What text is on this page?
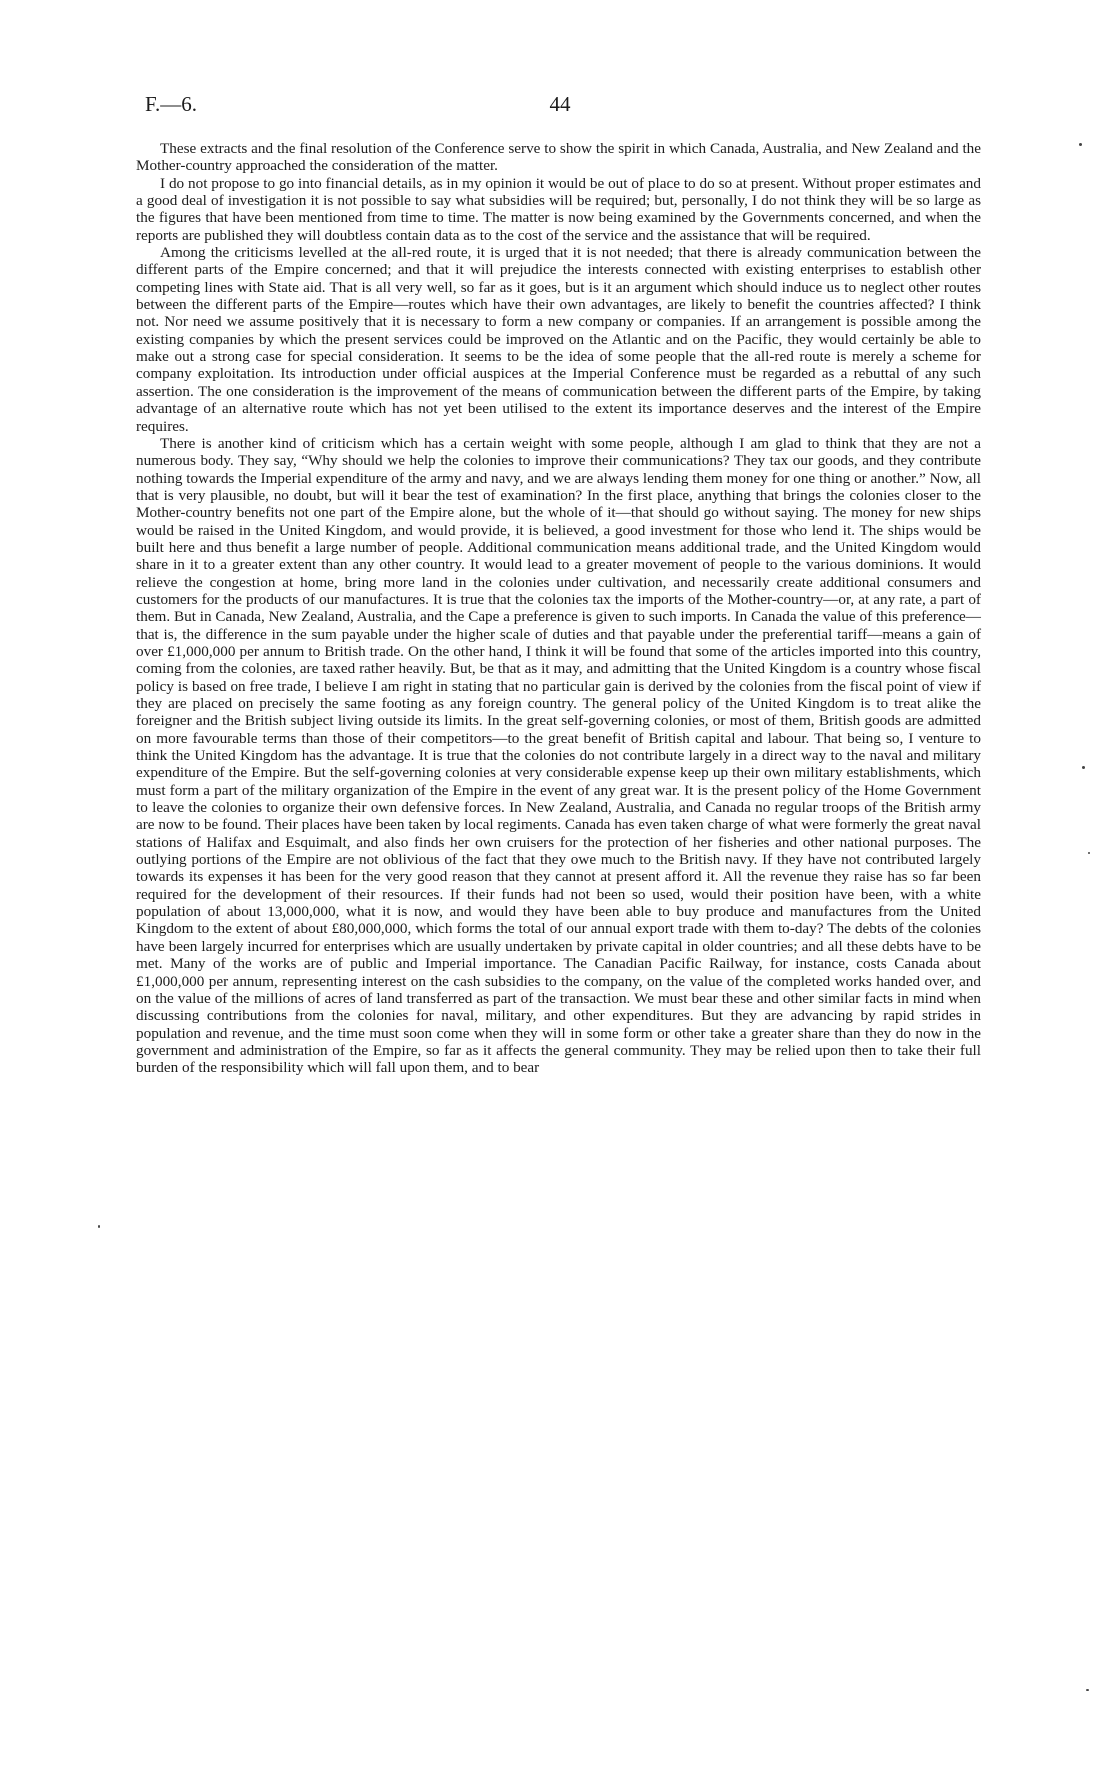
F.—6.	44

These extracts and the final resolution of the Conference serve to show the spirit in which Canada, Australia, and New Zealand and the Mother-country approached the consideration of the matter.

I do not propose to go into financial details, as in my opinion it would be out of place to do so at present. Without proper estimates and a good deal of investigation it is not possible to say what subsidies will be required; but, personally, I do not think they will be so large as the figures that have been mentioned from time to time. The matter is now being examined by the Governments concerned, and when the reports are published they will doubtless contain data as to the cost of the service and the assistance that will be required.

Among the criticisms levelled at the all-red route, it is urged that it is not needed; that there is already communication between the different parts of the Empire concerned; and that it will prejudice the interests connected with existing enterprises to establish other competing lines with State aid. That is all very well, so far as it goes, but is it an argument which should induce us to neglect other routes between the different parts of the Empire—routes which have their own advantages, are likely to benefit the countries affected? I think not. Nor need we assume positively that it is necessary to form a new company or companies. If an arrangement is possible among the existing companies by which the present services could be improved on the Atlantic and on the Pacific, they would certainly be able to make out a strong case for special consideration. It seems to be the idea of some people that the all-red route is merely a scheme for company exploitation. Its introduction under official auspices at the Imperial Conference must be regarded as a rebuttal of any such assertion. The one consideration is the improvement of the means of communication between the different parts of the Empire, by taking advantage of an alternative route which has not yet been utilised to the extent its importance deserves and the interest of the Empire requires.

There is another kind of criticism which has a certain weight with some people, although I am glad to think that they are not a numerous body. They say, “Why should we help the colonies to improve their communications? They tax our goods, and they contribute nothing towards the Imperial expenditure of the army and navy, and we are always lending them money for one thing or another.” Now, all that is very plausible, no doubt, but will it bear the test of examination? In the first place, anything that brings the colonies closer to the Mother-country benefits not one part of the Empire alone, but the whole of it—that should go without saying. The money for new ships would be raised in the United Kingdom, and would provide, it is believed, a good investment for those who lend it. The ships would be built here and thus benefit a large number of people. Additional communication means additional trade, and the United Kingdom would share in it to a greater extent than any other country. It would lead to a greater movement of people to the various dominions. It would relieve the congestion at home, bring more land in the colonies under cultivation, and necessarily create additional consumers and customers for the products of our manufactures. It is true that the colonies tax the imports of the Mother-country—or, at any rate, a part of them. But in Canada, New Zealand, Australia, and the Cape a preference is given to such imports. In Canada the value of this preference—that is, the difference in the sum payable under the higher scale of duties and that payable under the preferential tariff—means a gain of over £1,000,000 per annum to British trade. On the other hand, I think it will be found that some of the articles imported into this country, coming from the colonies, are taxed rather heavily. But, be that as it may, and admitting that the United Kingdom is a country whose fiscal policy is based on free trade, I believe I am right in stating that no particular gain is derived by the colonies from the fiscal point of view if they are placed on precisely the same footing as any foreign country. The general policy of the United Kingdom is to treat alike the foreigner and the British subject living outside its limits. In the great self-governing colonies, or most of them, British goods are admitted on more favourable terms than those of their competitors—to the great benefit of British capital and labour. That being so, I venture to think the United Kingdom has the advantage. It is true that the colonies do not contribute largely in a direct way to the naval and military expenditure of the Empire. But the self-governing colonies at very considerable expense keep up their own military establishments, which must form a part of the military organization of the Empire in the event of any great war. It is the present policy of the Home Government to leave the colonies to organize their own defensive forces. In New Zealand, Australia, and Canada no regular troops of the British army are now to be found. Their places have been taken by local regiments. Canada has even taken charge of what were formerly the great naval stations of Halifax and Esquimalt, and also finds her own cruisers for the protection of her fisheries and other national purposes. The outlying portions of the Empire are not oblivious of the fact that they owe much to the British navy. If they have not contributed largely towards its expenses it has been for the very good reason that they cannot at present afford it. All the revenue they raise has so far been required for the development of their resources. If their funds had not been so used, would their position have been, with a white population of about 13,000,000, what it is now, and would they have been able to buy produce and manufactures from the United Kingdom to the extent of about £80,000,000, which forms the total of our annual export trade with them to-day? The debts of the colonies have been largely incurred for enterprises which are usually undertaken by private capital in older countries; and all these debts have to be met. Many of the works are of public and Imperial importance. The Canadian Pacific Railway, for instance, costs Canada about £1,000,000 per annum, representing interest on the cash subsidies to the company, on the value of the completed works handed over, and on the value of the millions of acres of land transferred as part of the transaction. We must bear these and other similar facts in mind when discussing contributions from the colonies for naval, military, and other expenditures. But they are advancing by rapid strides in population and revenue, and the time must soon come when they will in some form or other take a greater share than they do now in the government and administration of the Empire, so far as it affects the general community. They may be relied upon then to take their full burden of the responsibility which will fall upon them, and to bear
